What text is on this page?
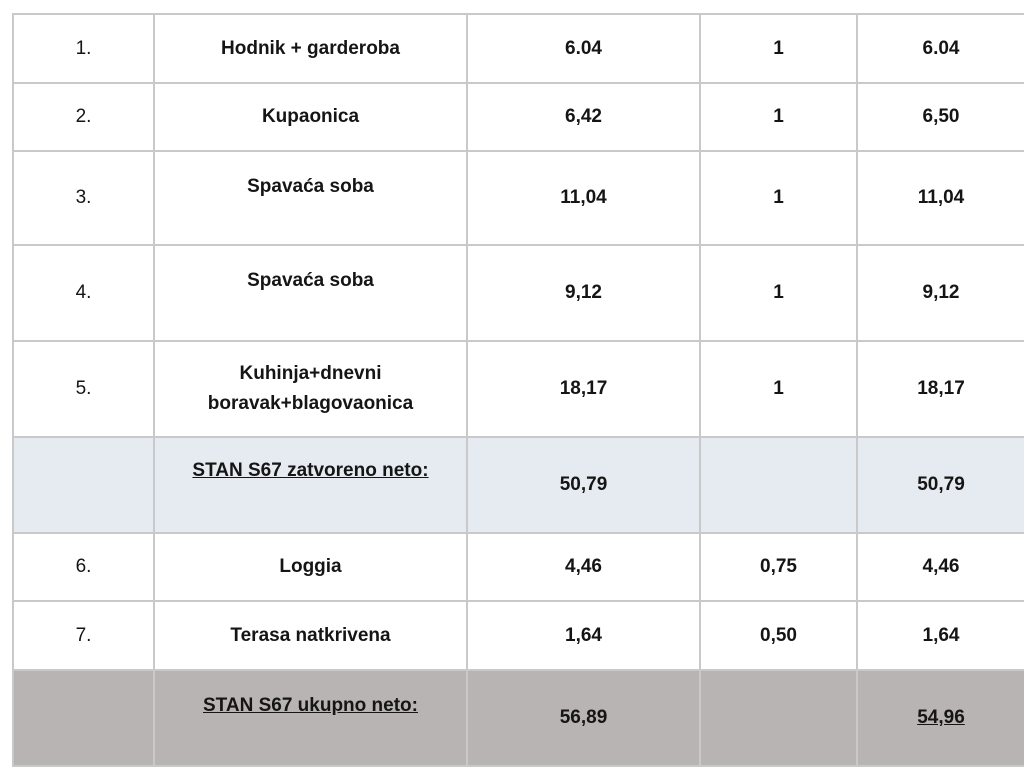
1.	Hodnik + garderoba	6.04	1	6.04
2.	Kupaonica	6,42	1	6,50
3.	Spavaća soba	11,04	1	11,04
4.	Spavaća soba	9,12	1	9,12
5.	Kuhinja+dnevni boravak+blagovaonica	18,17	1	18,17
	STAN S67 zatvoreno neto:	50,79		50,79
6.	Loggia	4,46	0,75	4,46
7.	Terasa natkrivena	1,64	0,50	1,64
	STAN S67 ukupno neto:	56,89		54,96
